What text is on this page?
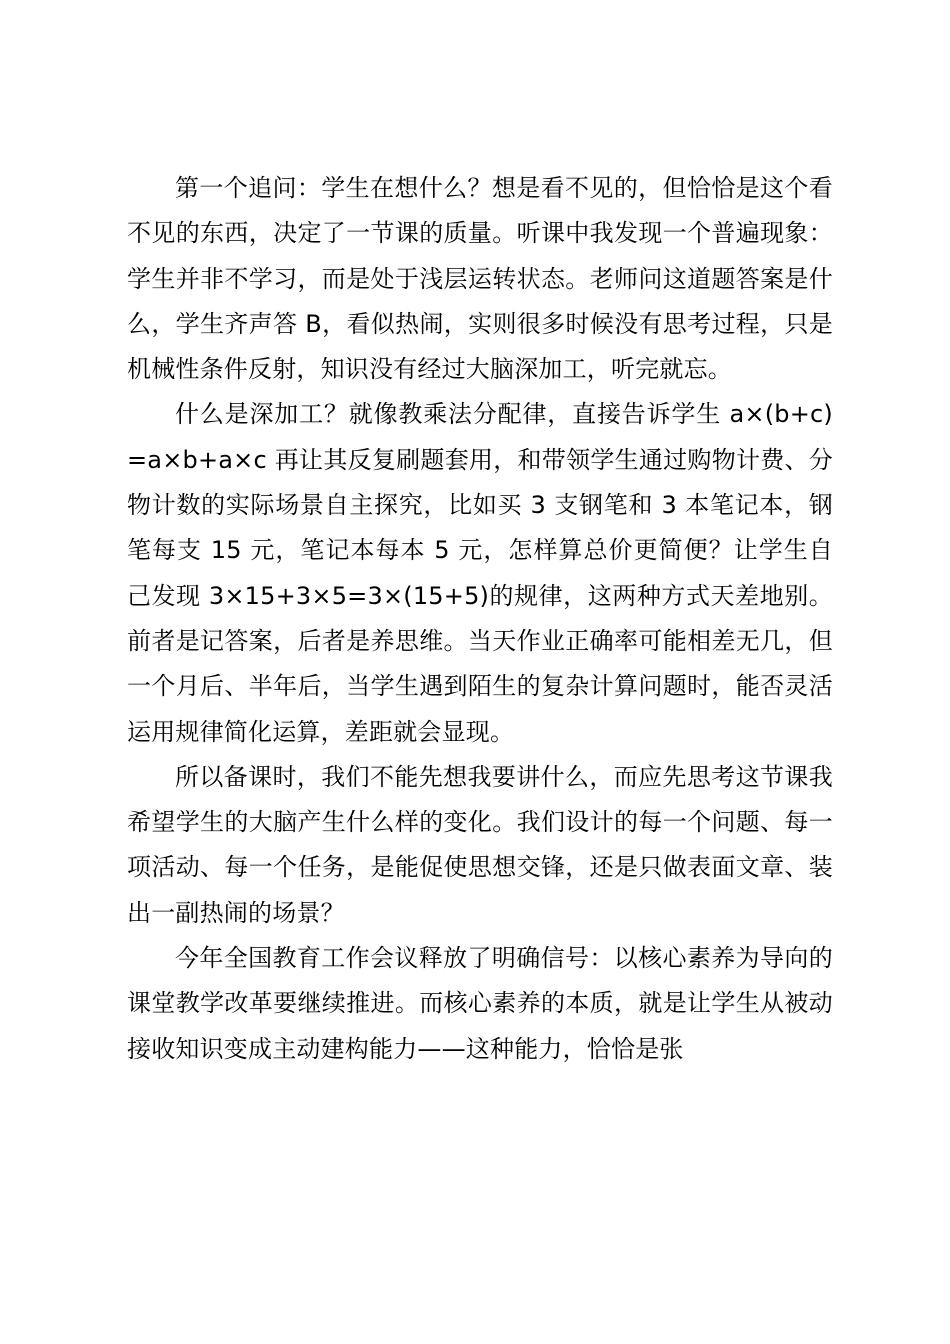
第一个追问：学生在想什么？想是看不见的，但恰恰是这个看不见的东西，决定了一节课的质量。听课中我发现一个普遍现象：学生并非不学习，而是处于浅层运转状态。老师问这道题答案是什么，学生齐声答 B，看似热闹，实则很多时候没有思考过程，只是机械性条件反射，知识没有经过大脑深加工，听完就忘。

什么是深加工？就像教乘法分配律，直接告诉学生 a×(b+c)=a×b+a×c 再让其反复刷题套用，和带领学生通过购物计费、分物计数的实际场景自主探究，比如买 3 支钢笔和 3 本笔记本，钢笔每支 15 元，笔记本每本 5 元，怎样算总价更简便？让学生自己发现 3×15+3×5=3×(15+5)的规律，这两种方式天差地别。前者是记答案，后者是养思维。当天作业正确率可能相差无几，但一个月后、半年后，当学生遇到陌生的复杂计算问题时，能否灵活运用规律简化运算，差距就会显现。

所以备课时，我们不能先想我要讲什么，而应先思考这节课我希望学生的大脑产生什么样的变化。我们设计的每一个问题、每一项活动、每一个任务，是能促使思想交锋，还是只做表面文章、装出一副热闹的场景？

今年全国教育工作会议释放了明确信号：以核心素养为导向的课堂教学改革要继续推进。而核心素养的本质，就是让学生从被动接收知识变成主动建构能力——这种能力，恰恰是张
